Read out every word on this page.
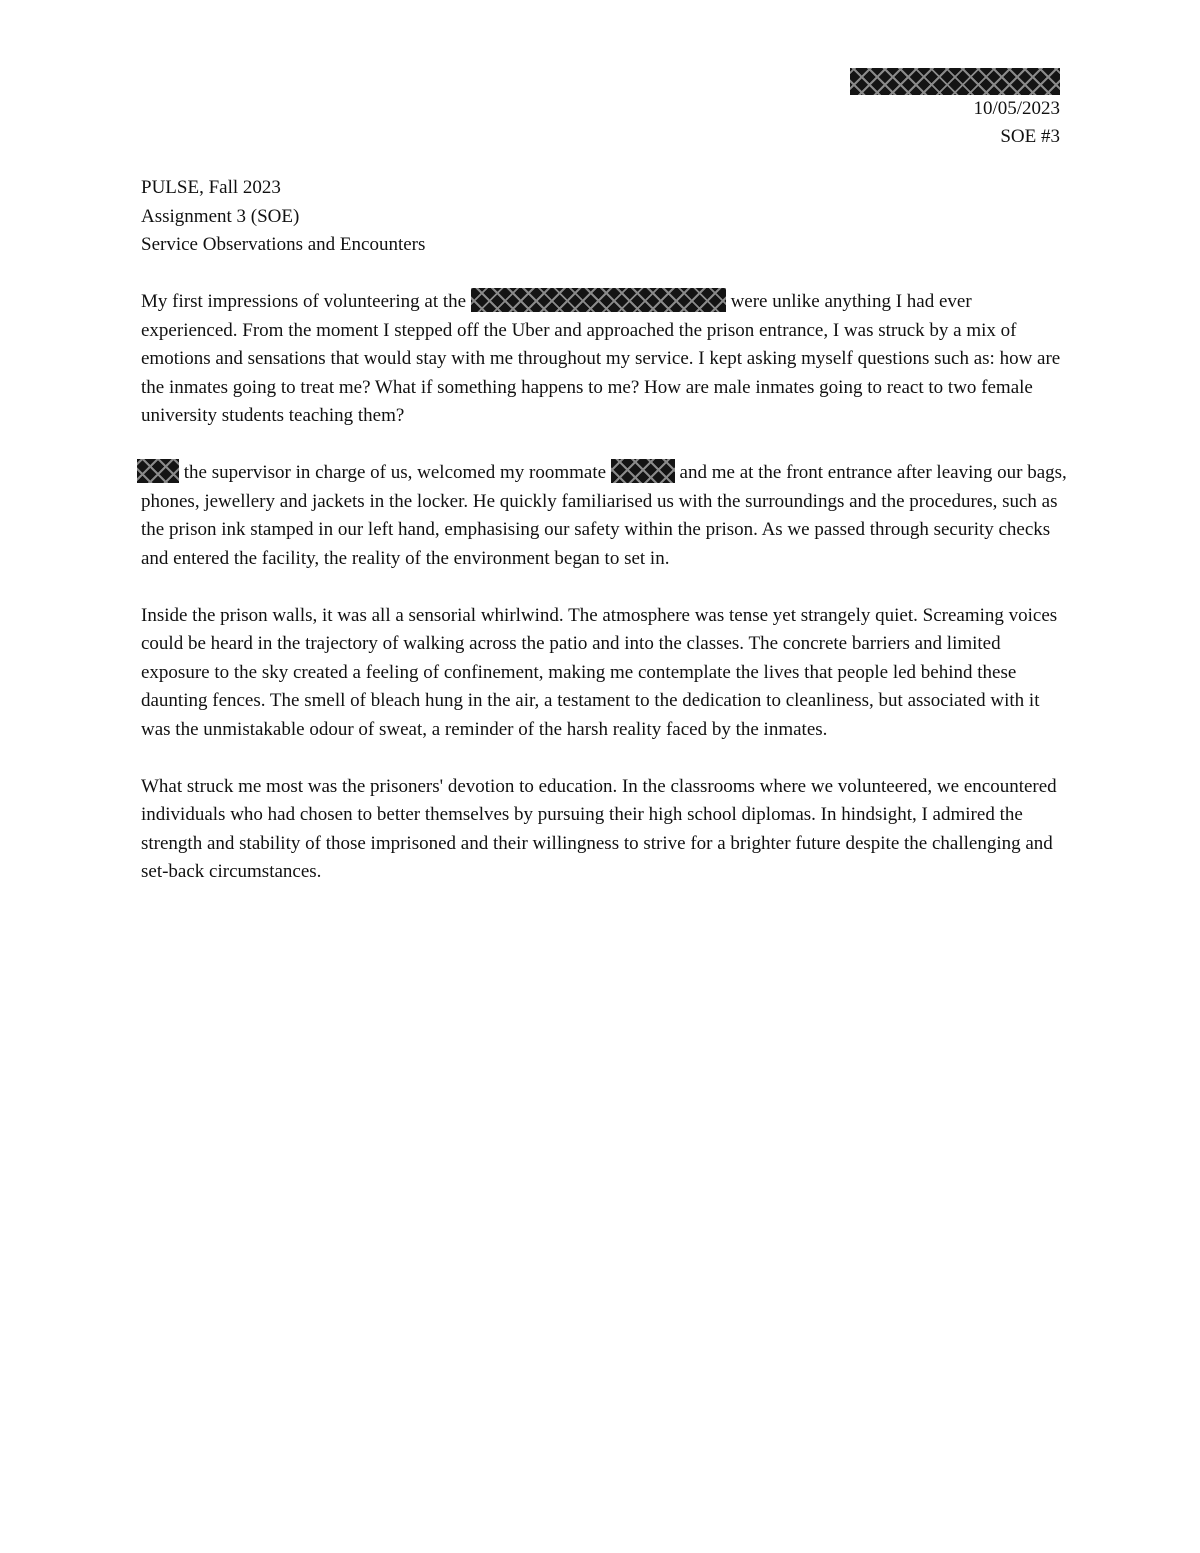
10/05/2023
SOE #3
PULSE, Fall 2023
Assignment 3 (SOE)
Service Observations and Encounters

My first impressions of volunteering at the	were unlike anything I had ever experienced. From the moment I stepped off the Uber and approached the prison entrance, I was struck by a mix of emotions and sensations that would stay with me throughout my service. I kept asking myself questions such as: how are the inmates going to treat me? What if something happens to me? How are male inmates going to react to two female university students teaching them?

the supervisor in charge of us, welcomed my roommate	and me at the front entrance after leaving our bags, phones, jewellery and jackets in the locker. He quickly familiarised us with the surroundings and the procedures, such as the prison ink stamped in our left hand, emphasising our safety within the prison. As we passed through security checks and entered the facility, the reality of the environment began to set in.

Inside the prison walls, it was all a sensorial whirlwind. The atmosphere was tense yet strangely quiet. Screaming voices could be heard in the trajectory of walking across the patio and into the classes. The concrete barriers and limited exposure to the sky created a feeling of confinement, making me contemplate the lives that people led behind these daunting fences. The smell of bleach hung in the air, a testament to the dedication to cleanliness, but associated with it was the unmistakable odour of sweat, a reminder of the harsh reality faced by the inmates.

What struck me most was the prisoners' devotion to education. In the classrooms where we volunteered, we encountered individuals who had chosen to better themselves by pursuing their high school diplomas. In hindsight, I admired the strength and stability of those imprisoned and their willingness to strive for a brighter future despite the challenging and set-back circumstances.
